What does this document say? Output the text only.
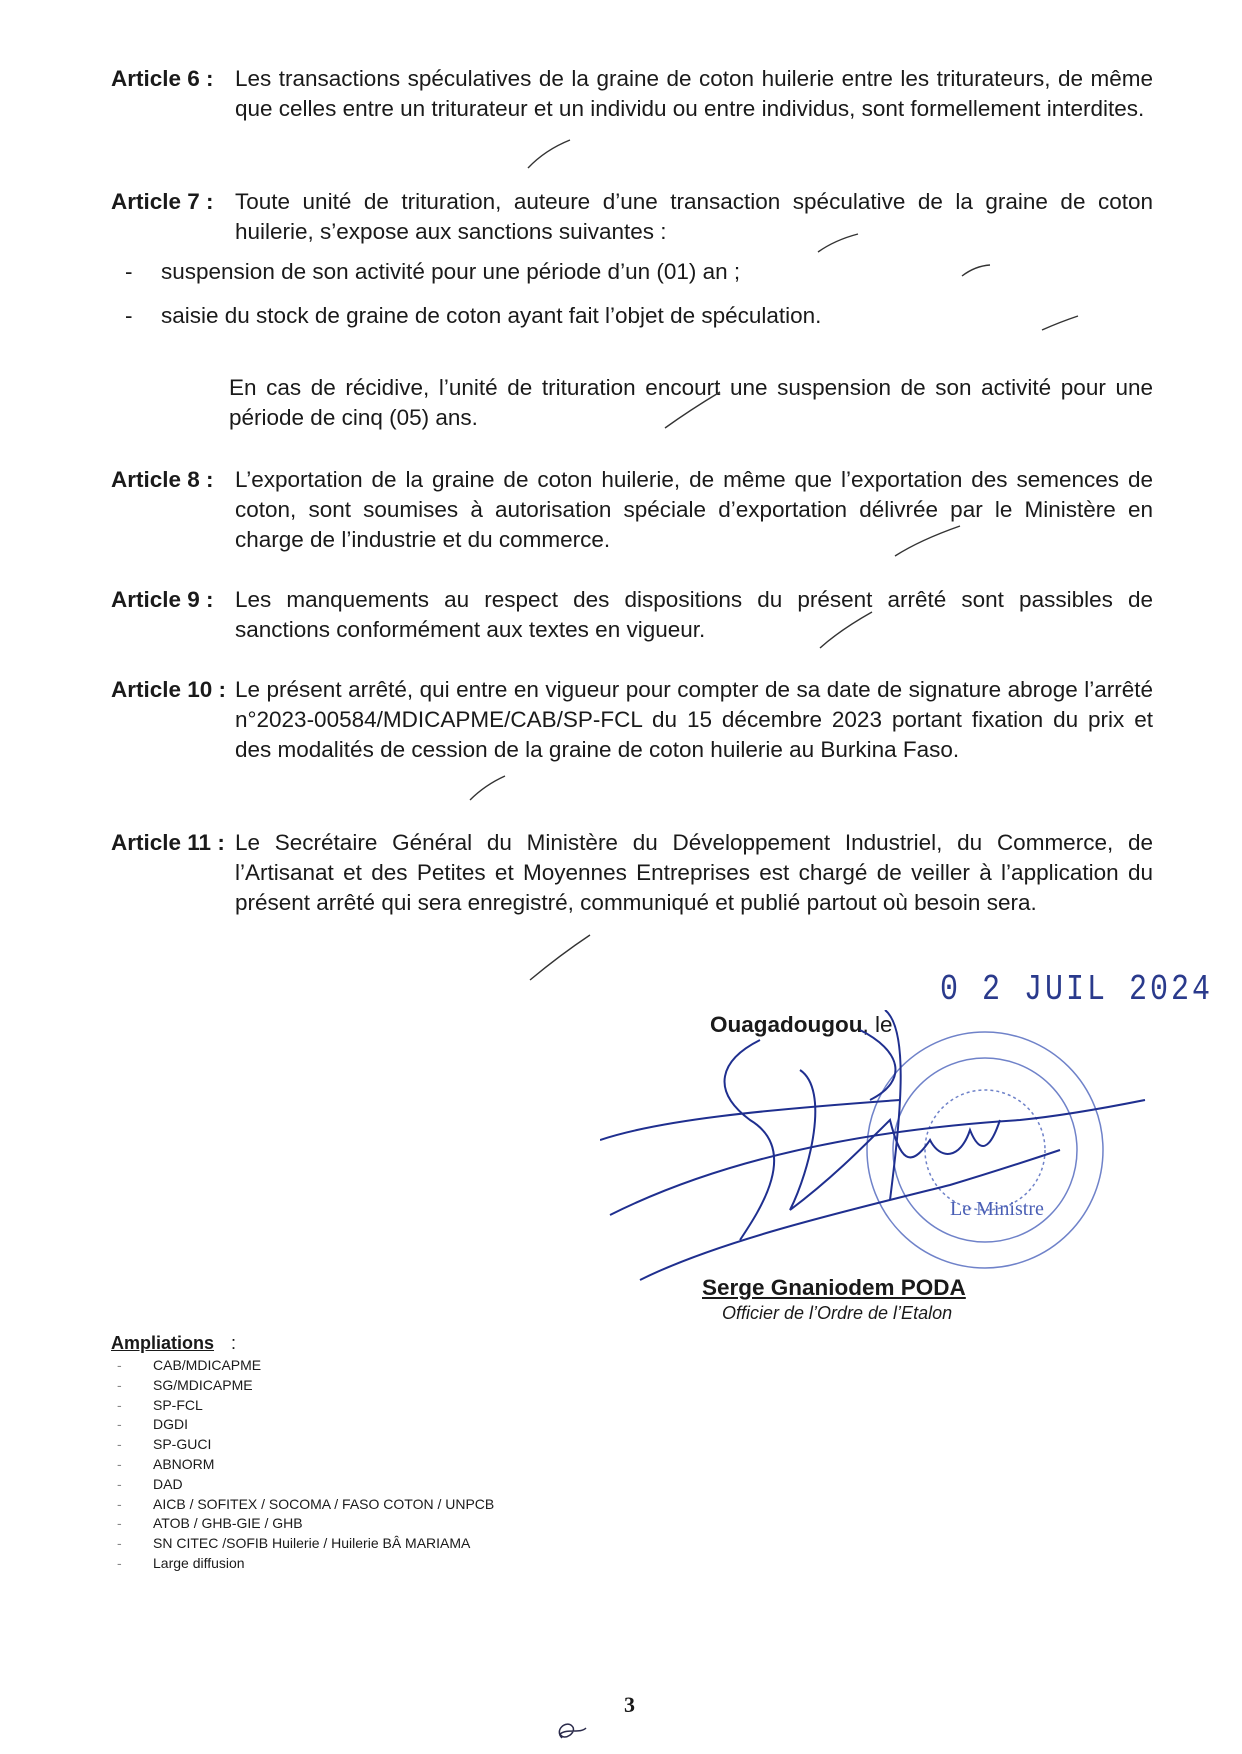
Article 6 : Les transactions spéculatives de la graine de coton huilerie entre les triturateurs, de même que celles entre un triturateur et un individu ou entre individus, sont formellement interdites.
Article 7 : Toute unité de trituration, auteure d’une transaction spéculative de la graine de coton huilerie, s’expose aux sanctions suivantes :
- suspension de son activité pour une période d’un (01) an ;
- saisie du stock de graine de coton ayant fait l’objet de spéculation.
En cas de récidive, l’unité de trituration encourt une suspension de son activité pour une période de cinq (05) ans.
Article 8 : L’exportation de la graine de coton huilerie, de même que l’exportation des semences de coton, sont soumises à autorisation spéciale d’exportation délivrée par le Ministère en charge de l’industrie et du commerce.
Article 9 : Les manquements au respect des dispositions du présent arrêté sont passibles de sanctions conformément aux textes en vigueur.
Article 10 : Le présent arrêté, qui entre en vigueur pour compter de sa date de signature abroge l’arrêté n°2023-00584/MDICAPME/CAB/SP-FCL du 15 décembre 2023 portant fixation du prix et des modalités de cession de la graine de coton huilerie au Burkina Faso.
Article 11 : Le Secrétaire Général du Ministère du Développement Industriel, du Commerce, de l’Artisanat et des Petites et Moyennes Entreprises est chargé de veiller à l’application du présent arrêté qui sera enregistré, communiqué et publié partout où besoin sera.
0 2 JUIL 2024
Ouagadougou, le
Le Ministre
Serge Gnaniodem PODA
Officier de l’Ordre de l’Etalon
Ampliations :
- CAB/MDICAPME
- SG/MDICAPME
- SP-FCL
- DGDI
- SP-GUCI
- ABNORM
- DAD
- AICB / SOFITEX / SOCOMA / FASO COTON / UNPCB
- ATOB / GHB-GIE / GHB
- SN CITEC /SOFIB Huilerie / Huilerie BÂ MARIAMA
- Large diffusion
3
